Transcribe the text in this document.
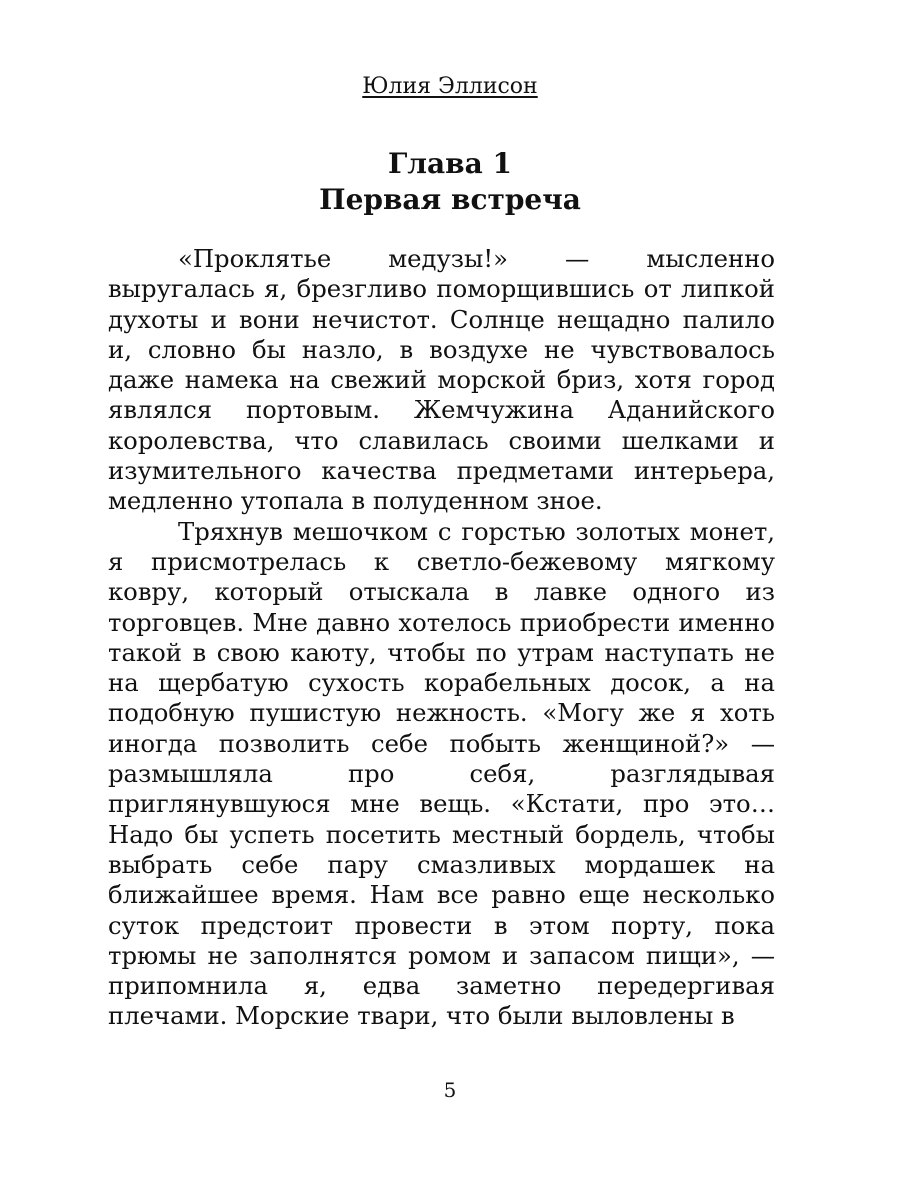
Юлия Эллисон
Глава 1
Первая встреча

«Проклятье медузы!» — мысленно выругалась я, брезгливо поморщившись от липкой духоты и вони нечистот. Солнце нещадно палило и, словно бы назло, в воздухе не чувствовалось даже намека на свежий морской бриз, хотя город являлся портовым. Жемчужина Аданийского королевства, что славилась своими шелками и изумительного качества предметами интерьера, медленно утопала в полуденном зное.

Тряхнув мешочком с горстью золотых монет, я присмотрелась к светло-бежевому мягкому ковру, который отыскала в лавке одного из торговцев. Мне давно хотелось приобрести именно такой в свою каюту, чтобы по утрам наступать не на щербатую сухость корабельных досок, а на подобную пушистую нежность. «Могу же я хоть иногда позволить себе побыть женщиной?» — размышляла про себя, разглядывая приглянувшуюся мне вещь. «Кстати, про это… Надо бы успеть посетить местный бордель, чтобы выбрать себе пару смазливых мордашек на ближайшее время. Нам все равно еще несколько суток предстоит провести в этом порту, пока трюмы не заполнятся ромом и запасом пищи», — припомнила я, едва заметно передергивая плечами. Морские твари, что были выловлены в

5
